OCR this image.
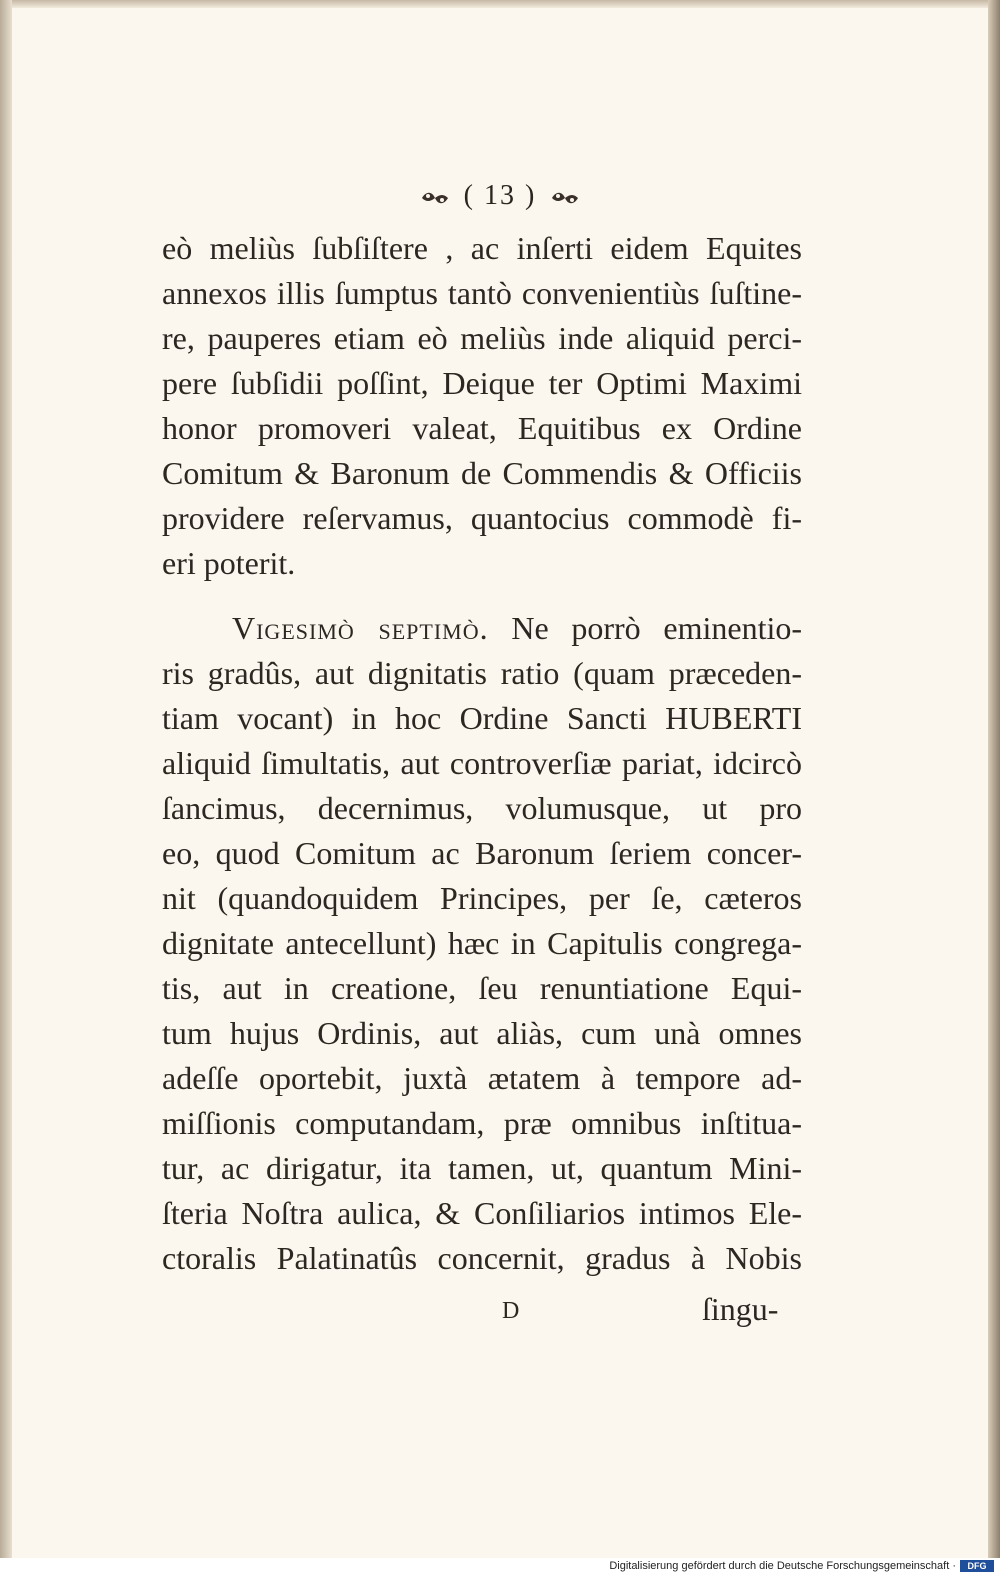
( 13 )
eò meliùs ſubſiſtere , ac inſerti eidem Equites
annexos illis ſumptus tantò convenientiùs ſuſtine-
re, pauperes etiam eò meliùs inde aliquid perci-
pere ſubſidii poſſint, Deique ter Optimi Maximi
honor promoveri valeat, Equitibus ex Ordine
Comitum & Baronum de Commendis & Officiis
providere reſervamus, quantocius commodè fi-
eri poterit.
Vigesimò septimò. Ne porrò eminentio-
ris gradûs, aut dignitatis ratio (quam præceden-
tiam vocant) in hoc Ordine Sancti HUBERTI
aliquid ſimultatis, aut controverſiæ pariat, idcircò
ſancimus, decernimus, volumusque, ut pro
eo, quod Comitum ac Baronum ſeriem concer-
nit (quandoquidem Principes, per ſe, cæteros
dignitate antecellunt) hæc in Capitulis congrega-
tis, aut in creatione, ſeu renuntiatione Equi-
tum hujus Ordinis, aut aliàs, cum unà omnes
adeſſe oportebit, juxtà ætatem à tempore ad-
miſſionis computandam, præ omnibus inſtitua-
tur, ac dirigatur, ita tamen, ut, quantum Mini-
ſteria Noſtra aulica, & Conſiliarios intimos Ele-
ctoralis Palatinatûs concernit, gradus à Nobis
D	ſingu-
Digitalisierung gefördert durch die Deutsche Forschungsgemeinschaft ·	DFG
